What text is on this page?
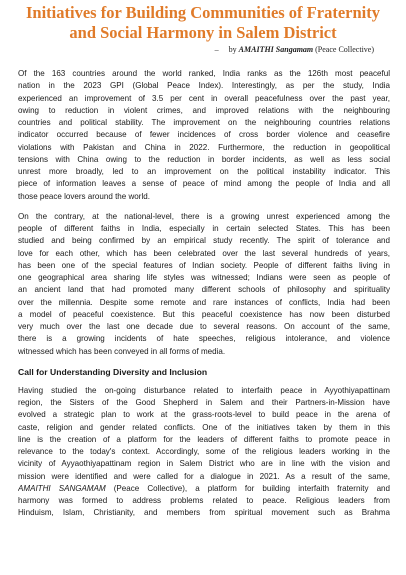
Initiatives for Building Communities of Fraternity
and Social Harmony in Salem District
– by AMAITHI Sangamam (Peace Collective)

Of the 163 countries around the world ranked, India ranks as the 126th most peaceful
nation in the 2023 GPI (Global Peace Index). Interestingly, as per the study, India
experienced an improvement of 3.5 per cent in overall peacefulness over the past year,
owing to reduction in violent crimes, and improved relations with the neighbouring
countries and political stability. The improvement on the neighbouring countries relations
indicator occurred because of fewer incidences of cross border violence and ceasefire
violations with Pakistan and China in 2022. Furthermore, the reduction in geopolitical
tensions with China owing to the reduction in border incidents, as well as less social
unrest more broadly, led to an improvement on the political instability indicator. This
piece of information leaves a sense of peace of mind among the people of India and all
those peace lovers around the world.

On the contrary, at the national-level, there is a growing unrest experienced among the
people of different faiths in India, especially in certain selected States. This has been
studied and being confirmed by an empirical study recently. The spirit of tolerance and
love for each other, which has been celebrated over the last several hundreds of years,
has been one of the special features of Indian society. People of different faiths living in
one geographical area sharing life styles was witnessed; Indians were seen as people of
an ancient land that had promoted many different schools of philosophy and spirituality
over the millennia. Despite some remote and rare instances of conflicts, India had been
a model of peaceful coexistence. But this peaceful coexistence has now been disturbed
very much over the last one decade due to several reasons. On account of the same,
there is a growing incidents of hate speeches, religious intolerance, and violence
witnessed which has been conveyed in all forms of media.

Call for Understanding Diversity and Inclusion

Having studied the on-going disturbance related to interfaith peace in Ayyothiyapattinam
region, the Sisters of the Good Shepherd in Salem and their Partners-in-Mission have
evolved a strategic plan to work at the grass-roots-level to build peace in the arena of
caste, religion and gender related conflicts. One of the initiatives taken by them in this
line is the creation of a platform for the leaders of different faiths to promote peace in
relevance to the today's context. Accordingly, some of the religious leaders working in the
vicinity of Ayyaothiyapattinam region in Salem District who are in line with the vision and
mission were identified and were called for a dialogue in 2021. As a result of the same,
AMAITHI SANGAMAM (Peace Collective), a platform for building interfaith fraternity and
harmony was formed to address problems related to peace. Religious leaders from
Hinduism, Islam, Christianity, and members from spiritual movement such as Brahma
